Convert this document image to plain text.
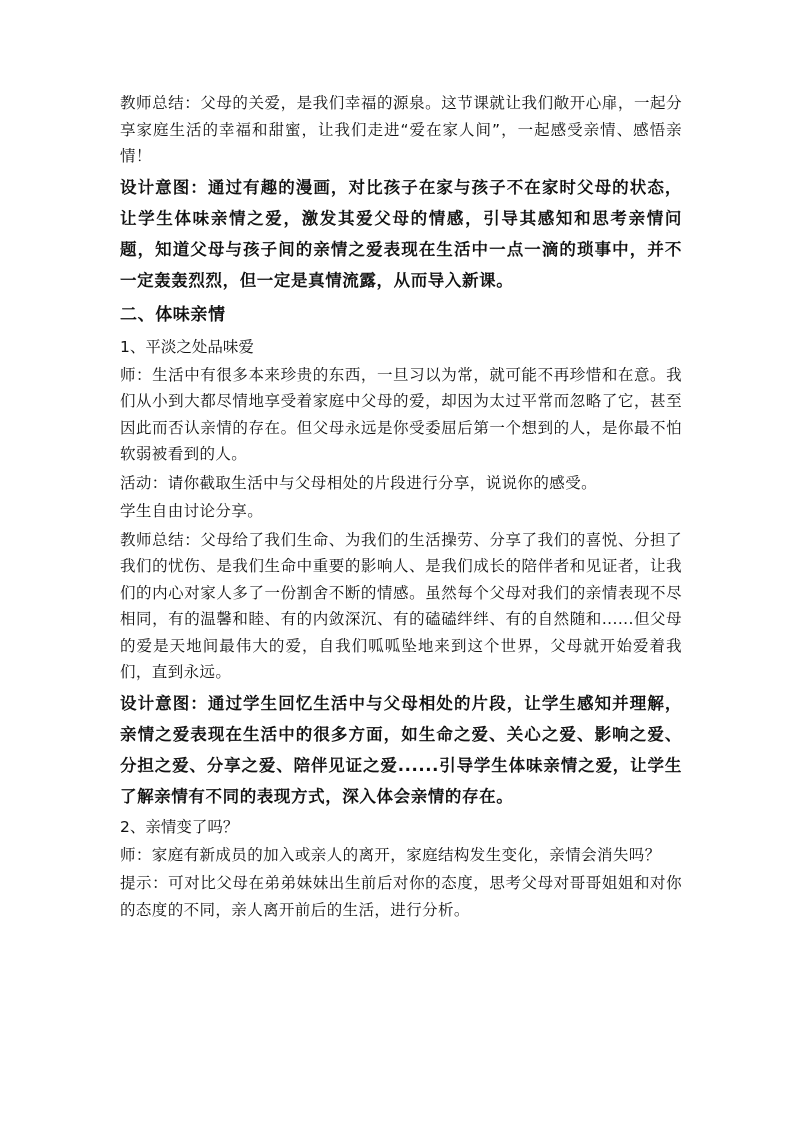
教师总结：父母的关爱，是我们幸福的源泉。这节课就让我们敞开心扉，一起分享家庭生活的幸福和甜蜜，让我们走进“爱在家人间”，一起感受亲情、感悟亲情！

设计意图：通过有趣的漫画，对比孩子在家与孩子不在家时父母的状态，让学生体味亲情之爱，激发其爱父母的情感，引导其感知和思考亲情问题，知道父母与孩子间的亲情之爱表现在生活中一点一滴的琐事中，并不一定轰轰烈烈，但一定是真情流露，从而导入新课。

二、体味亲情

1、平淡之处品味爱

师：生活中有很多本来珍贵的东西，一旦习以为常，就可能不再珍惜和在意。我们从小到大都尽情地享受着家庭中父母的爱，却因为太过平常而忽略了它，甚至因此而否认亲情的存在。但父母永远是你受委屈后第一个想到的人，是你最不怕软弱被看到的人。

活动：请你截取生活中与父母相处的片段进行分享，说说你的感受。

学生自由讨论分享。

教师总结：父母给了我们生命、为我们的生活操劳、分享了我们的喜悦、分担了我们的忧伤、是我们生命中重要的影响人、是我们成长的陪伴者和见证者，让我们的内心对家人多了一份割舍不断的情感。虽然每个父母对我们的亲情表现不尽相同，有的温馨和睦、有的内敛深沉、有的磕磕绊绊、有的自然随和......但父母的爱是天地间最伟大的爱，自我们呱呱坠地来到这个世界，父母就开始爱着我们，直到永远。

设计意图：通过学生回忆生活中与父母相处的片段，让学生感知并理解，亲情之爱表现在生活中的很多方面，如生命之爱、关心之爱、影响之爱、分担之爱、分享之爱、陪伴见证之爱......引导学生体味亲情之爱，让学生了解亲情有不同的表现方式，深入体会亲情的存在。

2、亲情变了吗？

师：家庭有新成员的加入或亲人的离开，家庭结构发生变化，亲情会消失吗？

提示：可对比父母在弟弟妹妹出生前后对你的态度，思考父母对哥哥姐姐和对你的态度的不同，亲人离开前后的生活，进行分析。
